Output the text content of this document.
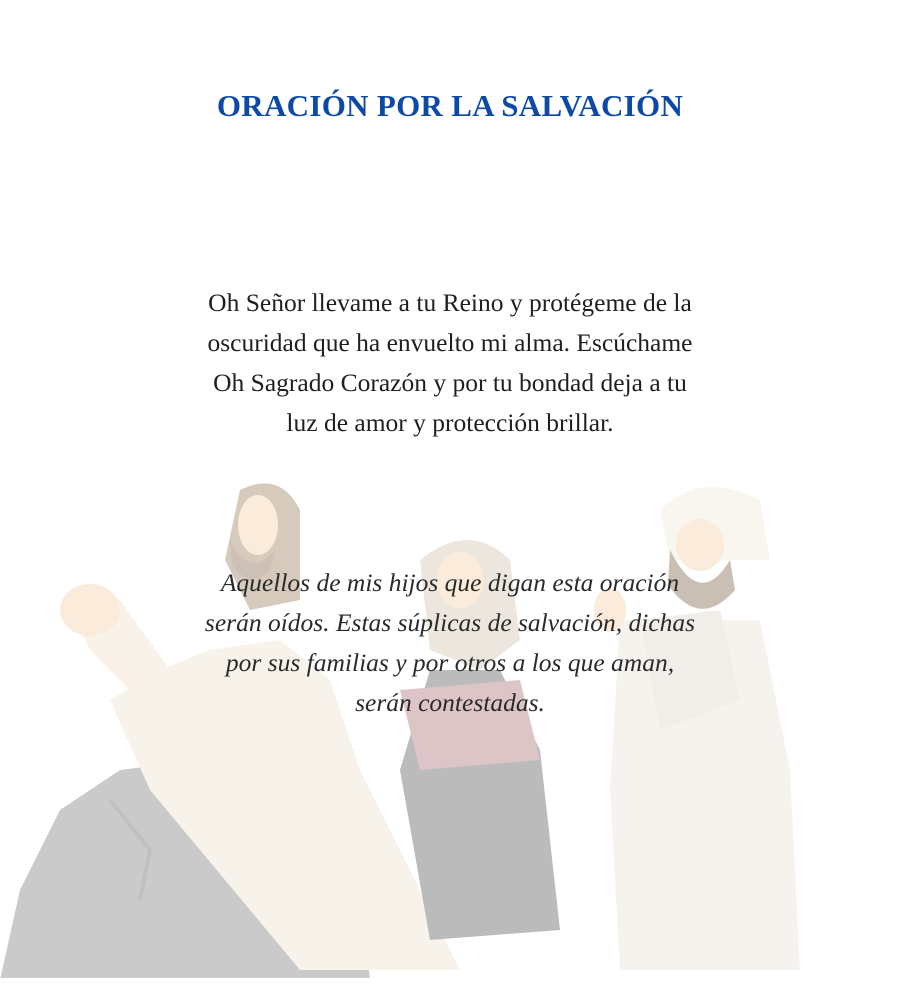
ORACIÓN POR LA SALVACIÓN

Oh Señor llevame a tu Reino y protégeme de la oscuridad que ha envuelto mi alma. Escúchame Oh Sagrado Corazón y por tu bondad deja a tu luz de amor y protección brillar.

Aquellos de mis hijos que digan esta oración serán oídos. Estas súplicas de salvación, dichas por sus familias y por otros a los que aman, serán contestadas.
